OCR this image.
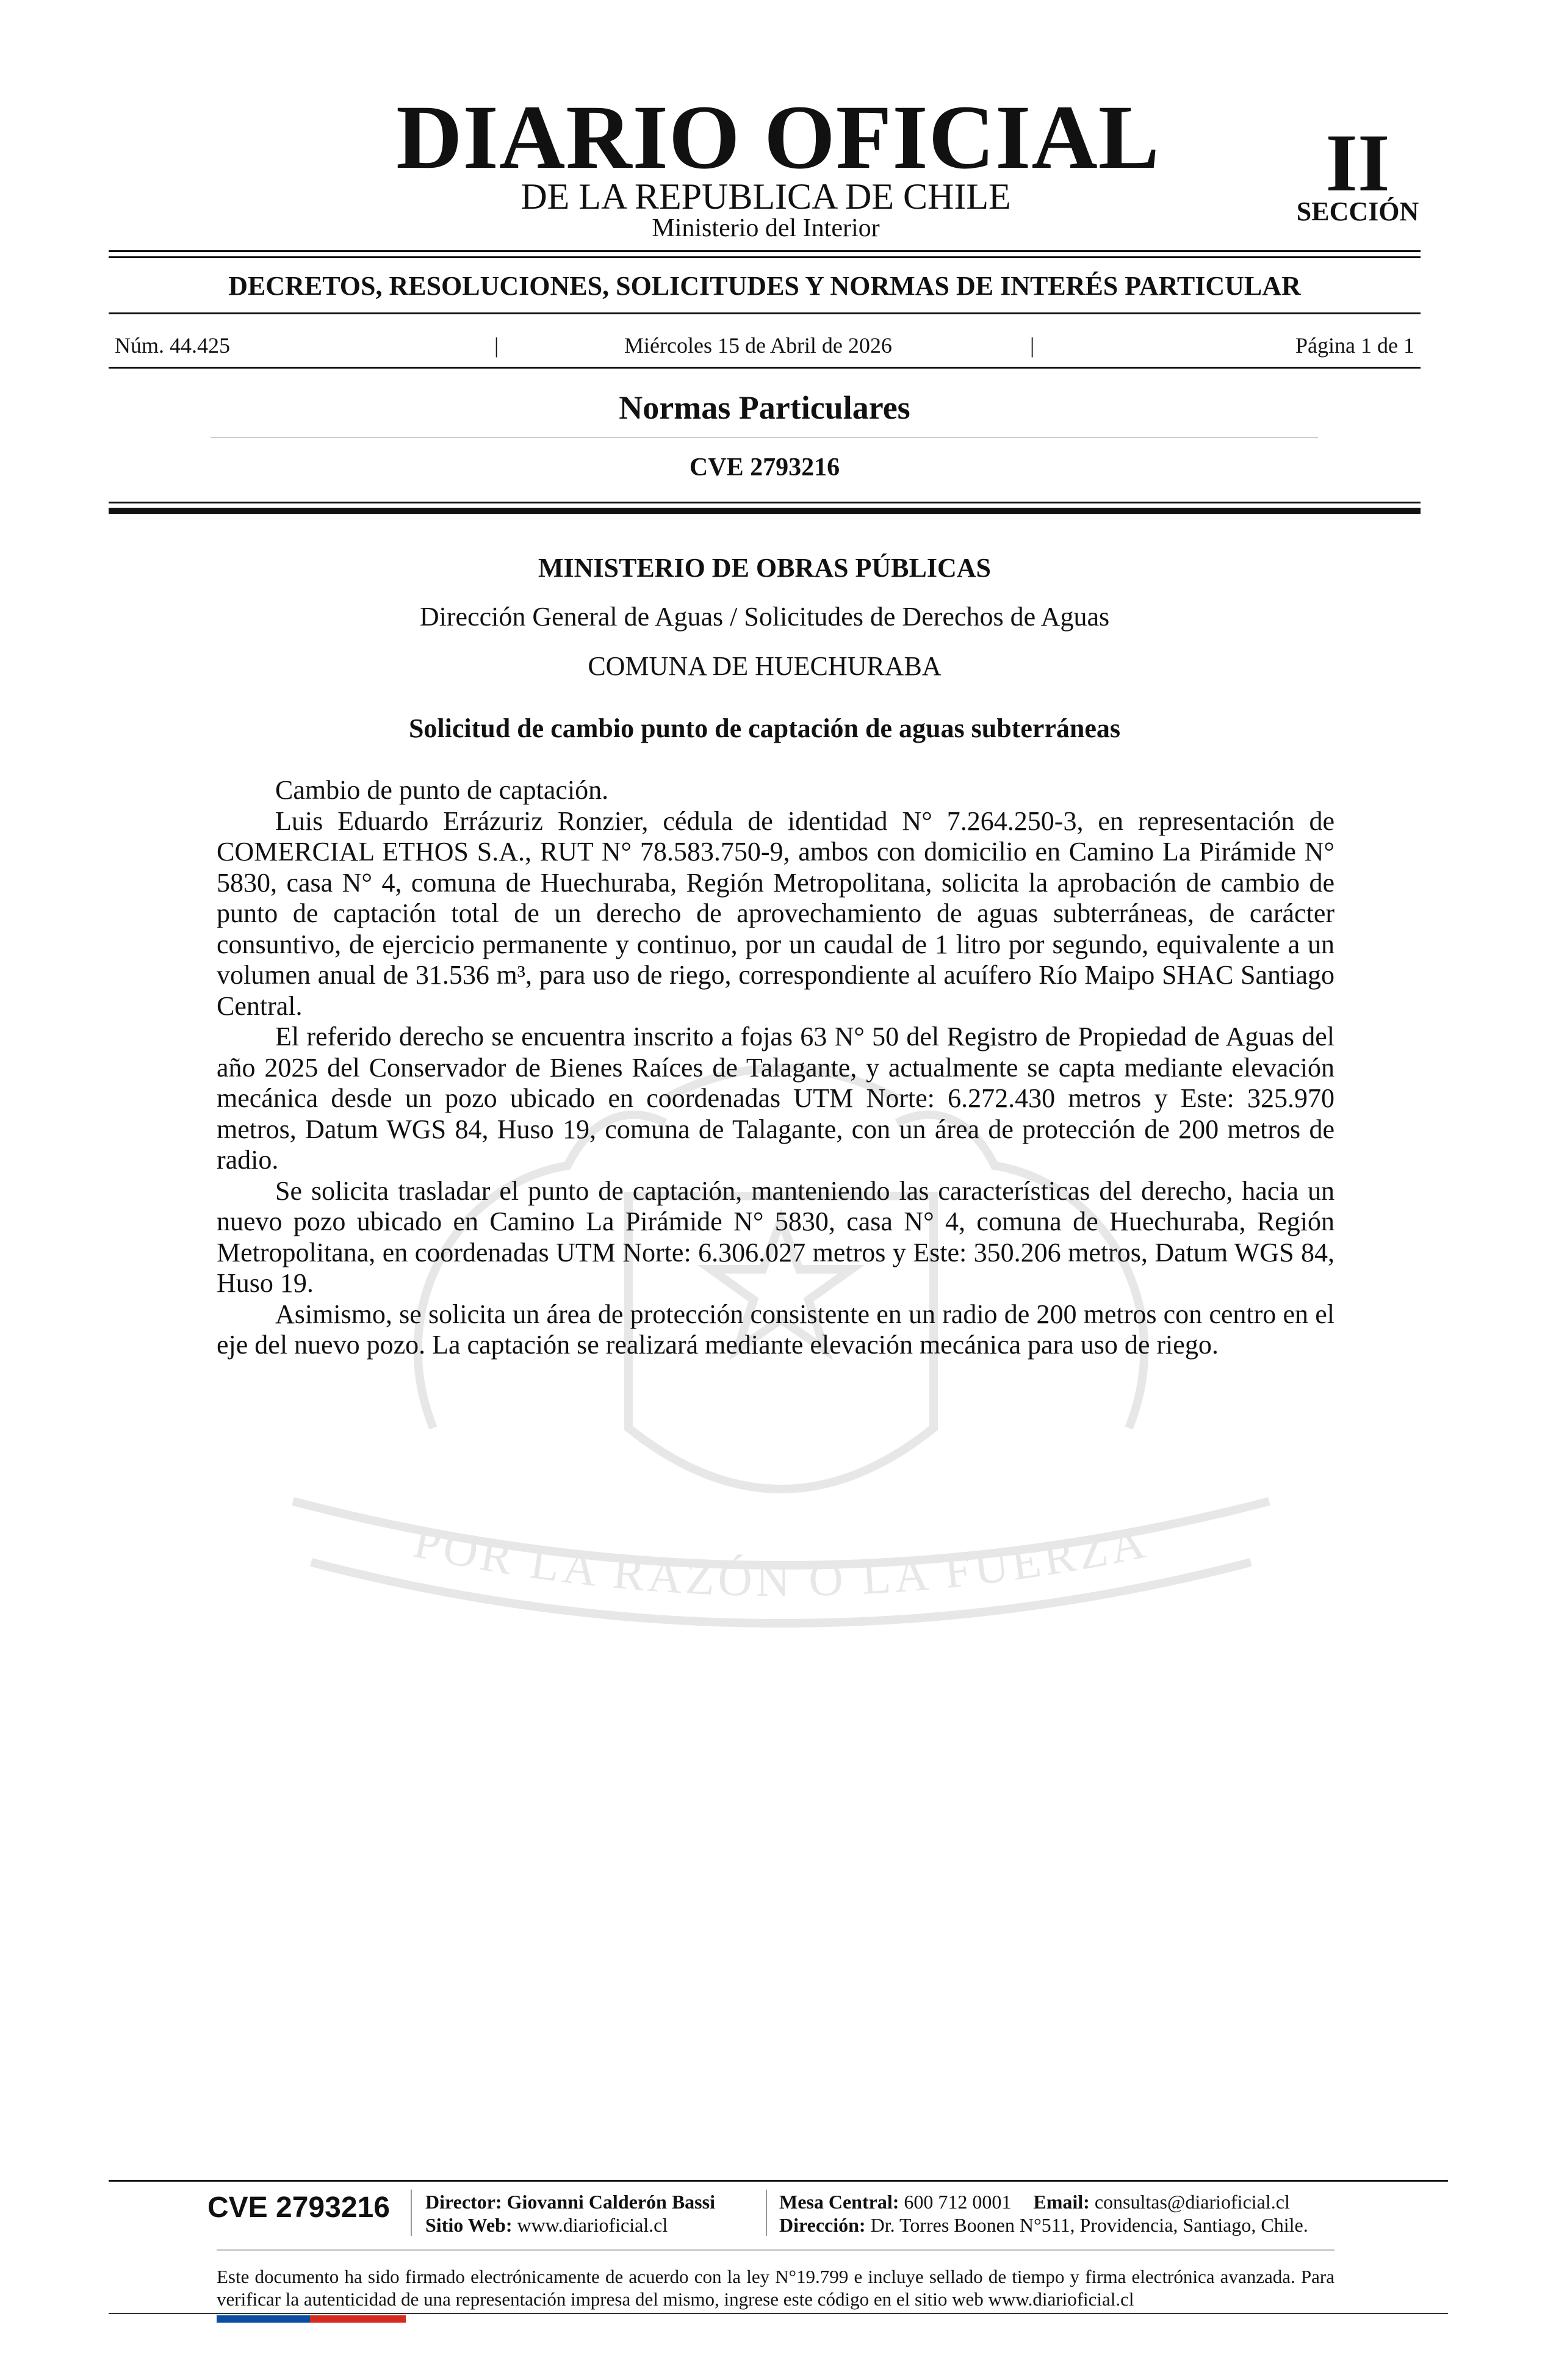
POR LA RAZÓN O LA FUERZA
DIARIO OFICIAL
DE LA REPUBLICA DE CHILE
Ministerio del Interior
II
SECCIÓN
DECRETOS, RESOLUCIONES, SOLICITUDES Y NORMAS DE INTERÉS PARTICULAR
Núm. 44.425	|	Miércoles 15 de Abril de 2026	|	Página 1 de 1
Normas Particulares
CVE 2793216
MINISTERIO DE OBRAS PÚBLICAS
Dirección General de Aguas / Solicitudes de Derechos de Aguas
COMUNA DE HUECHURABA
Solicitud de cambio punto de captación de aguas subterráneas

Cambio de punto de captación.

Luis Eduardo Errázuriz Ronzier, cédula de identidad N° 7.264.250-3, en representación de COMERCIAL ETHOS S.A., RUT N° 78.583.750-9, ambos con domicilio en Camino La Pirámide N° 5830, casa N° 4, comuna de Huechuraba, Región Metropolitana, solicita la aprobación de cambio de punto de captación total de un derecho de aprovechamiento de aguas subterráneas, de carácter consuntivo, de ejercicio permanente y continuo, por un caudal de 1 litro por segundo, equivalente a un volumen anual de 31.536 m³, para uso de riego, correspondiente al acuífero Río Maipo SHAC Santiago Central.

El referido derecho se encuentra inscrito a fojas 63 N° 50 del Registro de Propiedad de Aguas del año 2025 del Conservador de Bienes Raíces de Talagante, y actualmente se capta mediante elevación mecánica desde un pozo ubicado en coordenadas UTM Norte: 6.272.430 metros y Este: 325.970 metros, Datum WGS 84, Huso 19, comuna de Talagante, con un área de protección de 200 metros de radio.

Se solicita trasladar el punto de captación, manteniendo las características del derecho, hacia un nuevo pozo ubicado en Camino La Pirámide N° 5830, casa N° 4, comuna de Huechuraba, Región Metropolitana, en coordenadas UTM Norte: 6.306.027 metros y Este: 350.206 metros, Datum WGS 84, Huso 19.

Asimismo, se solicita un área de protección consistente en un radio de 200 metros con centro en el eje del nuevo pozo. La captación se realizará mediante elevación mecánica para uso de riego.

CVE 2793216	Director: Giovanni Calderón Bassi
Sitio Web: www.diarioficial.cl
Mesa Central: 600 712 0001 Email: consultas@diarioficial.cl
Dirección: Dr. Torres Boonen N°511, Providencia, Santiago, Chile.
Este documento ha sido firmado electrónicamente de acuerdo con la ley N°19.799 e incluye sellado de tiempo y firma electrónica avanzada. Para verificar la autenticidad de una representación impresa del mismo, ingrese este código en el sitio web www.diarioficial.cl
